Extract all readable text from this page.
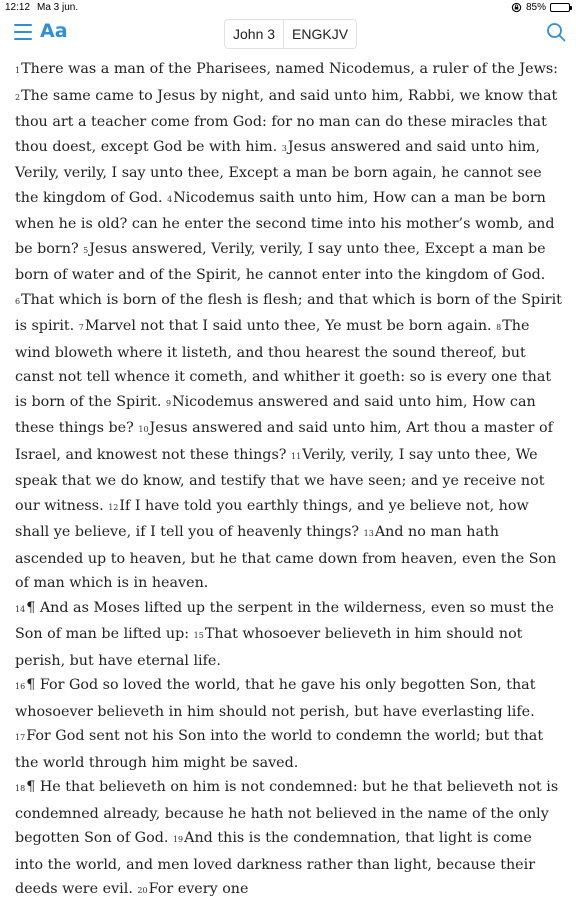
12:12 Ma 3 jun.	85%
Aa	John 3	ENGKJV

1There was a man of the Pharisees, named Nicodemus, a ruler of the Jews: 2The same came to Jesus by night, and said unto him, Rabbi, we know that thou art a teacher come from God: for no man can do these miracles that thou doest, except God be with him. 3Jesus answered and said unto him, Verily, verily, I say unto thee, Except a man be born again, he cannot see the kingdom of God. 4Nicodemus saith unto him, How can a man be born when he is old? can he enter the second time into his mother’s womb, and be born? 5Jesus answered, Verily, verily, I say unto thee, Except a man be born of water and of the Spirit, he cannot enter into the kingdom of God. 6That which is born of the flesh is flesh; and that which is born of the Spirit is spirit. 7Marvel not that I said unto thee, Ye must be born again. 8The wind bloweth where it listeth, and thou hearest the sound thereof, but canst not tell whence it cometh, and whither it goeth: so is every one that is born of the Spirit. 9Nicodemus answered and said unto him, How can these things be? 10Jesus answered and said unto him, Art thou a master of Israel, and knowest not these things? 11Verily, verily, I say unto thee, We speak that we do know, and testify that we have seen; and ye receive not our witness. 12If I have told you earthly things, and ye believe not, how shall ye believe, if I tell you of heavenly things? 13And no man hath ascended up to heaven, but he that came down from heaven, even the Son of man which is in heaven.

14¶ And as Moses lifted up the serpent in the wilderness, even so must the Son of man be lifted up: 15That whosoever believeth in him should not perish, but have eternal life.

16¶ For God so loved the world, that he gave his only begotten Son, that whosoever believeth in him should not perish, but have everlasting life. 17For God sent not his Son into the world to condemn the world; but that the world through him might be saved.

18¶ He that believeth on him is not condemned: but he that believeth not is condemned already, because he hath not believed in the name of the only begotten Son of God. 19And this is the condemnation, that light is come into the world, and men loved darkness rather than light, because their deeds were evil. 20For every one
